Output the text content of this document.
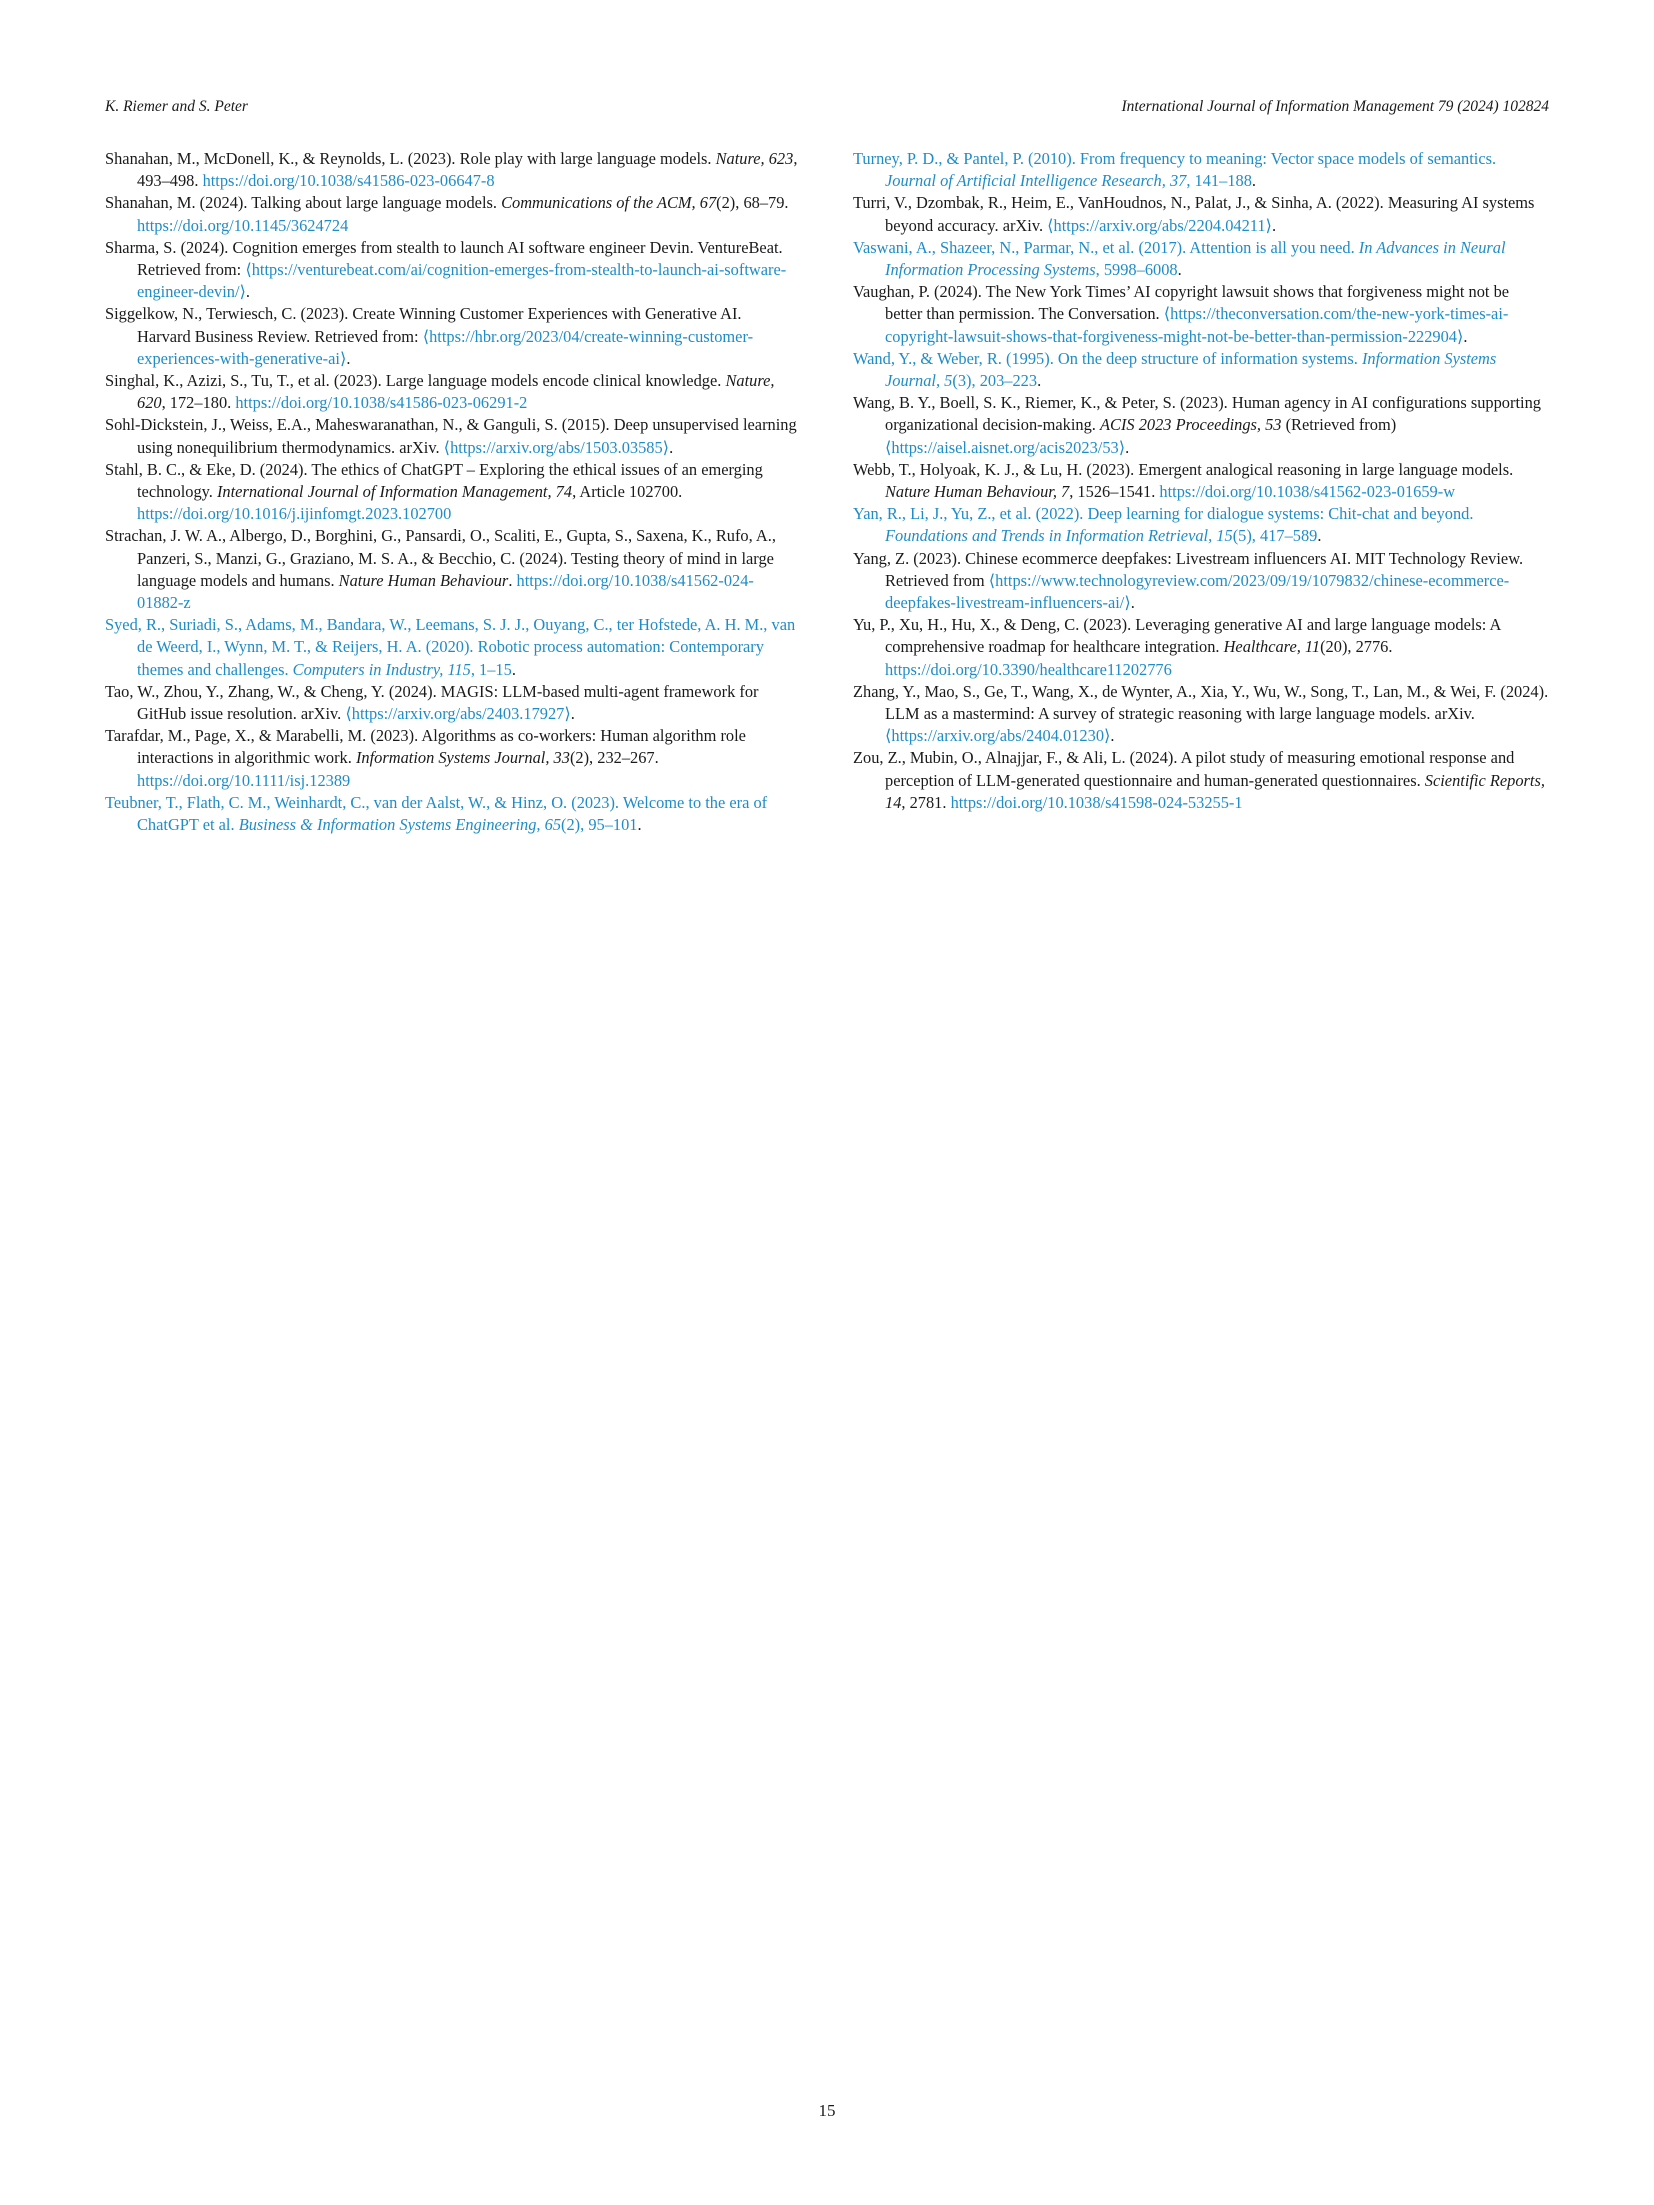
K. Riemer and S. Peter	International Journal of Information Management 79 (2024) 102824

Shanahan, M., McDonell, K., & Reynolds, L. (2023). Role play with large language models. Nature, 623, 493–498. https://doi.org/10.1038/s41586-023-06647-8

Shanahan, M. (2024). Talking about large language models. Communications of the ACM, 67(2), 68–79. https://doi.org/10.1145/3624724

Sharma, S. (2024). Cognition emerges from stealth to launch AI software engineer Devin. VentureBeat. Retrieved from: ⟨https://venturebeat.com/ai/cognition-emerges-from-stealth-to-launch-ai-software-engineer-devin/⟩.

Siggelkow, N., Terwiesch, C. (2023). Create Winning Customer Experiences with Generative AI. Harvard Business Review. Retrieved from: ⟨https://hbr.org/2023/04/create-winning-customer-experiences-with-generative-ai⟩.

Singhal, K., Azizi, S., Tu, T., et al. (2023). Large language models encode clinical knowledge. Nature, 620, 172–180. https://doi.org/10.1038/s41586-023-06291-2

Sohl-Dickstein, J., Weiss, E.A., Maheswaranathan, N., & Ganguli, S. (2015). Deep unsupervised learning using nonequilibrium thermodynamics. arXiv. ⟨https://arxiv.org/abs/1503.03585⟩.

Stahl, B. C., & Eke, D. (2024). The ethics of ChatGPT – Exploring the ethical issues of an emerging technology. International Journal of Information Management, 74, Article 102700. https://doi.org/10.1016/j.ijinfomgt.2023.102700

Strachan, J. W. A., Albergo, D., Borghini, G., Pansardi, O., Scaliti, E., Gupta, S., Saxena, K., Rufo, A., Panzeri, S., Manzi, G., Graziano, M. S. A., & Becchio, C. (2024). Testing theory of mind in large language models and humans. Nature Human Behaviour. https://doi.org/10.1038/s41562-024-01882-z

Syed, R., Suriadi, S., Adams, M., Bandara, W., Leemans, S. J. J., Ouyang, C., ter Hofstede, A. H. M., van de Weerd, I., Wynn, M. T., & Reijers, H. A. (2020). Robotic process automation: Contemporary themes and challenges. Computers in Industry, 115, 1–15.

Tao, W., Zhou, Y., Zhang, W., & Cheng, Y. (2024). MAGIS: LLM-based multi-agent framework for GitHub issue resolution. arXiv. ⟨https://arxiv.org/abs/2403.17927⟩.

Tarafdar, M., Page, X., & Marabelli, M. (2023). Algorithms as co-workers: Human algorithm role interactions in algorithmic work. Information Systems Journal, 33(2), 232–267. https://doi.org/10.1111/isj.12389

Teubner, T., Flath, C. M., Weinhardt, C., van der Aalst, W., & Hinz, O. (2023). Welcome to the era of ChatGPT et al. Business & Information Systems Engineering, 65(2), 95–101.

Turney, P. D., & Pantel, P. (2010). From frequency to meaning: Vector space models of semantics. Journal of Artificial Intelligence Research, 37, 141–188.

Turri, V., Dzombak, R., Heim, E., VanHoudnos, N., Palat, J., & Sinha, A. (2022). Measuring AI systems beyond accuracy. arXiv. ⟨https://arxiv.org/abs/2204.04211⟩.

Vaswani, A., Shazeer, N., Parmar, N., et al. (2017). Attention is all you need. In Advances in Neural Information Processing Systems, 5998–6008.

Vaughan, P. (2024). The New York Times’ AI copyright lawsuit shows that forgiveness might not be better than permission. The Conversation. ⟨https://theconversation.com/the-new-york-times-ai-copyright-lawsuit-shows-that-forgiveness-might-not-be-better-than-permission-222904⟩.

Wand, Y., & Weber, R. (1995). On the deep structure of information systems. Information Systems Journal, 5(3), 203–223.

Wang, B. Y., Boell, S. K., Riemer, K., & Peter, S. (2023). Human agency in AI configurations supporting organizational decision-making. ACIS 2023 Proceedings, 53 (Retrieved from) ⟨https://aisel.aisnet.org/acis2023/53⟩.

Webb, T., Holyoak, K. J., & Lu, H. (2023). Emergent analogical reasoning in large language models. Nature Human Behaviour, 7, 1526–1541. https://doi.org/10.1038/s41562-023-01659-w

Yan, R., Li, J., Yu, Z., et al. (2022). Deep learning for dialogue systems: Chit-chat and beyond. Foundations and Trends in Information Retrieval, 15(5), 417–589.

Yang, Z. (2023). Chinese ecommerce deepfakes: Livestream influencers AI. MIT Technology Review. Retrieved from ⟨https://www.technologyreview.com/2023/09/19/1079832/chinese-ecommerce-deepfakes-livestream-influencers-ai/⟩.

Yu, P., Xu, H., Hu, X., & Deng, C. (2023). Leveraging generative AI and large language models: A comprehensive roadmap for healthcare integration. Healthcare, 11(20), 2776. https://doi.org/10.3390/healthcare11202776

Zhang, Y., Mao, S., Ge, T., Wang, X., de Wynter, A., Xia, Y., Wu, W., Song, T., Lan, M., & Wei, F. (2024). LLM as a mastermind: A survey of strategic reasoning with large language models. arXiv. ⟨https://arxiv.org/abs/2404.01230⟩.

Zou, Z., Mubin, O., Alnajjar, F., & Ali, L. (2024). A pilot study of measuring emotional response and perception of LLM-generated questionnaire and human-generated questionnaires. Scientific Reports, 14, 2781. https://doi.org/10.1038/s41598-024-53255-1

15
